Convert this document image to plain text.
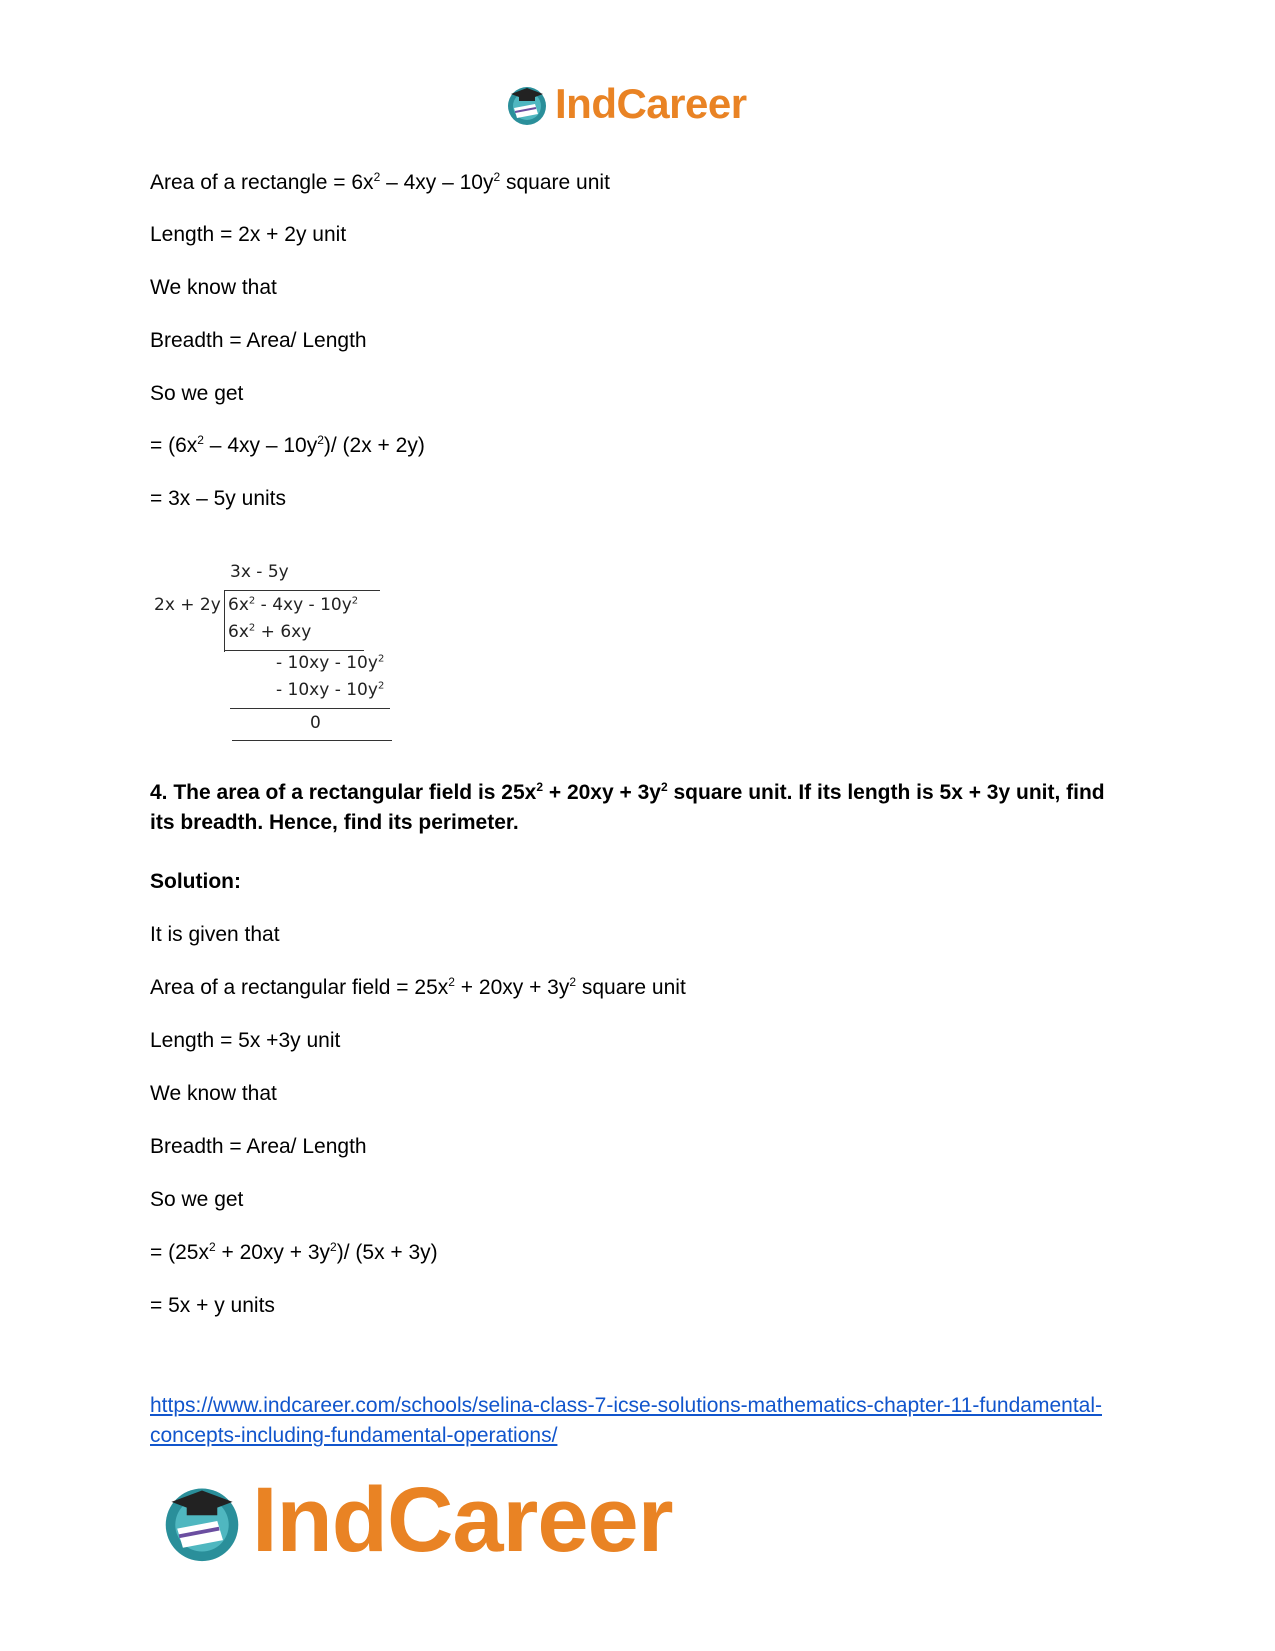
IndCareer
Area of a rectangle = $6x^2 - 4xy - 10y^2$ square unit
Length = 2x + 2y unit
We know that
Breadth = Area/ Length
So we get
= $(6x^2 - 4xy - 10y^2)/$ (2x + 2y)
= 3x – 5y units
3x - 5y
2x + 2y $6x^2 - 4xy - 10y^2$
$6x^2 + 6xy$
- $10xy - 10y^2$
- $10xy - 10y^2$
0
4. The area of a rectangular field is $25x^2 + 20xy + 3y^2$ square unit. If its length is 5x + 3y unit, find its breadth. Hence, find its perimeter.
Solution:
It is given that
Area of a rectangular field = $25x^2 + 20xy + 3y^2$ square unit
Length = 5x +3y unit
We know that
Breadth = Area/ Length
So we get
= $(25x^2 + 20xy + 3y^2)/$ (5x + 3y)
= 5x + y units
https://www.indcareer.com/schools/selina-class-7-icse-solutions-mathematics-chapter-11-fundamental-concepts-including-fundamental-operations/
IndCareer
